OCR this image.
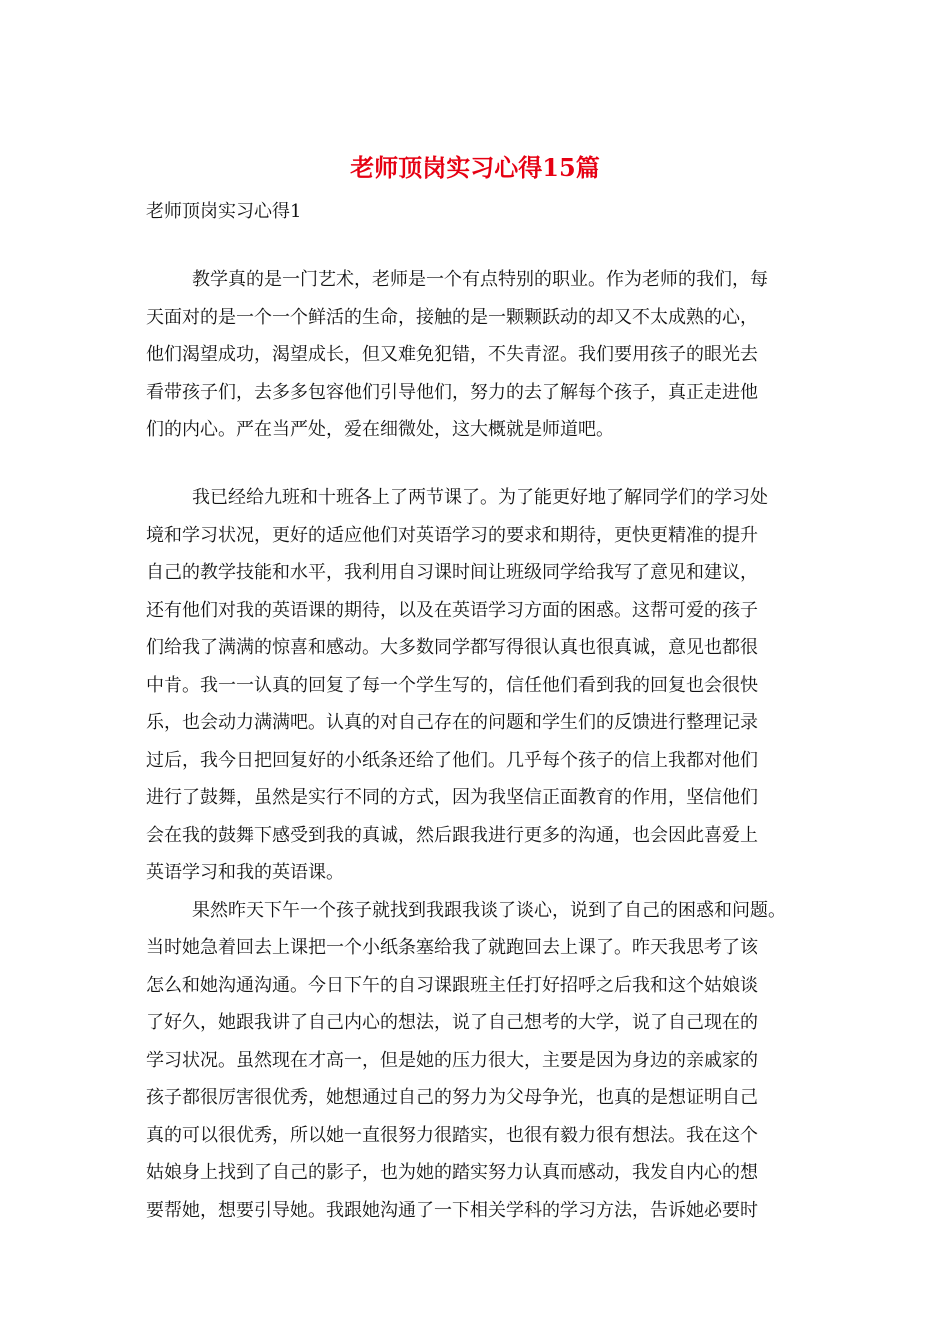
老师顶岗实习心得15篇

老师顶岗实习心得1

教学真的是一门艺术，老师是一个有点特别的职业。作为老师的我们，每

天面对的是一个一个鲜活的生命，接触的是一颗颗跃动的却又不太成熟的心，

他们渴望成功，渴望成长，但又难免犯错，不失青涩。我们要用孩子的眼光去

看带孩子们，去多多包容他们引导他们，努力的去了解每个孩子，真正走进他

们的内心。严在当严处，爱在细微处，这大概就是师道吧。

我已经给九班和十班各上了两节课了。为了能更好地了解同学们的学习处

境和学习状况，更好的适应他们对英语学习的要求和期待，更快更精准的提升

自己的教学技能和水平，我利用自习课时间让班级同学给我写了意见和建议，

还有他们对我的英语课的期待，以及在英语学习方面的困惑。这帮可爱的孩子

们给我了满满的惊喜和感动。大多数同学都写得很认真也很真诚，意见也都很

中肯。我一一认真的回复了每一个学生写的，信任他们看到我的回复也会很快

乐，也会动力满满吧。认真的对自己存在的问题和学生们的反馈进行整理记录

过后，我今日把回复好的小纸条还给了他们。几乎每个孩子的信上我都对他们

进行了鼓舞，虽然是实行不同的方式，因为我坚信正面教育的作用，坚信他们

会在我的鼓舞下感受到我的真诚，然后跟我进行更多的沟通，也会因此喜爱上

英语学习和我的英语课。

果然昨天下午一个孩子就找到我跟我谈了谈心，说到了自己的困惑和问题。

当时她急着回去上课把一个小纸条塞给我了就跑回去上课了。昨天我思考了该

怎么和她沟通沟通。今日下午的自习课跟班主任打好招呼之后我和这个姑娘谈

了好久，她跟我讲了自己内心的想法，说了自己想考的大学，说了自己现在的

学习状况。虽然现在才高一，但是她的压力很大，主要是因为身边的亲戚家的

孩子都很厉害很优秀，她想通过自己的努力为父母争光，也真的是想证明自己

真的可以很优秀，所以她一直很努力很踏实，也很有毅力很有想法。我在这个

姑娘身上找到了自己的影子，也为她的踏实努力认真而感动，我发自内心的想

要帮她，想要引导她。我跟她沟通了一下相关学科的学习方法，告诉她必要时
